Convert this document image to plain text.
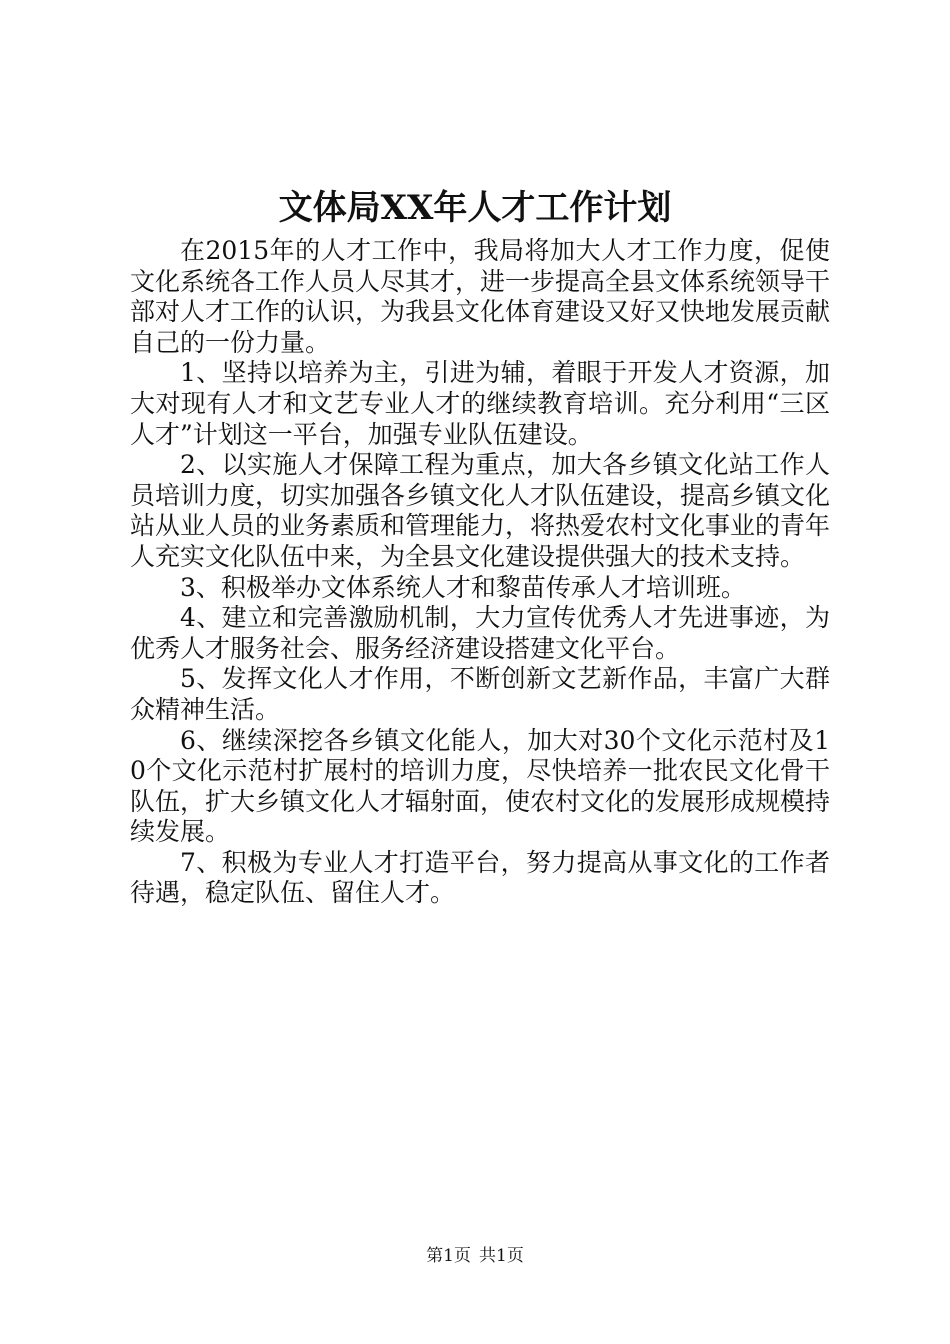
文体局XX年人才工作计划

在2015年的人才工作中，我局将加大人才工作力度，促使文化系统各工作人员人尽其才，进一步提高全县文体系统领导干部对人才工作的认识，为我县文化体育建设又好又快地发展贡献自己的一份力量。

1、坚持以培养为主，引进为辅，着眼于开发人才资源，加大对现有人才和文艺专业人才的继续教育培训。充分利用“三区人才”计划这一平台，加强专业队伍建设。

2、以实施人才保障工程为重点，加大各乡镇文化站工作人员培训力度，切实加强各乡镇文化人才队伍建设，提高乡镇文化站从业人员的业务素质和管理能力，将热爱农村文化事业的青年人充实文化队伍中来，为全县文化建设提供强大的技术支持。

3、积极举办文体系统人才和黎苗传承人才培训班。

4、建立和完善激励机制，大力宣传优秀人才先进事迹，为优秀人才服务社会、服务经济建设搭建文化平台。

5、发挥文化人才作用，不断创新文艺新作品，丰富广大群众精神生活。

6、继续深挖各乡镇文化能人，加大对30个文化示范村及10个文化示范村扩展村的培训力度，尽快培养一批农民文化骨干队伍，扩大乡镇文化人才辐射面，使农村文化的发展形成规模持续发展。

7、积极为专业人才打造平台，努力提高从事文化的工作者待遇，稳定队伍、留住人才。

第1页 共1页
